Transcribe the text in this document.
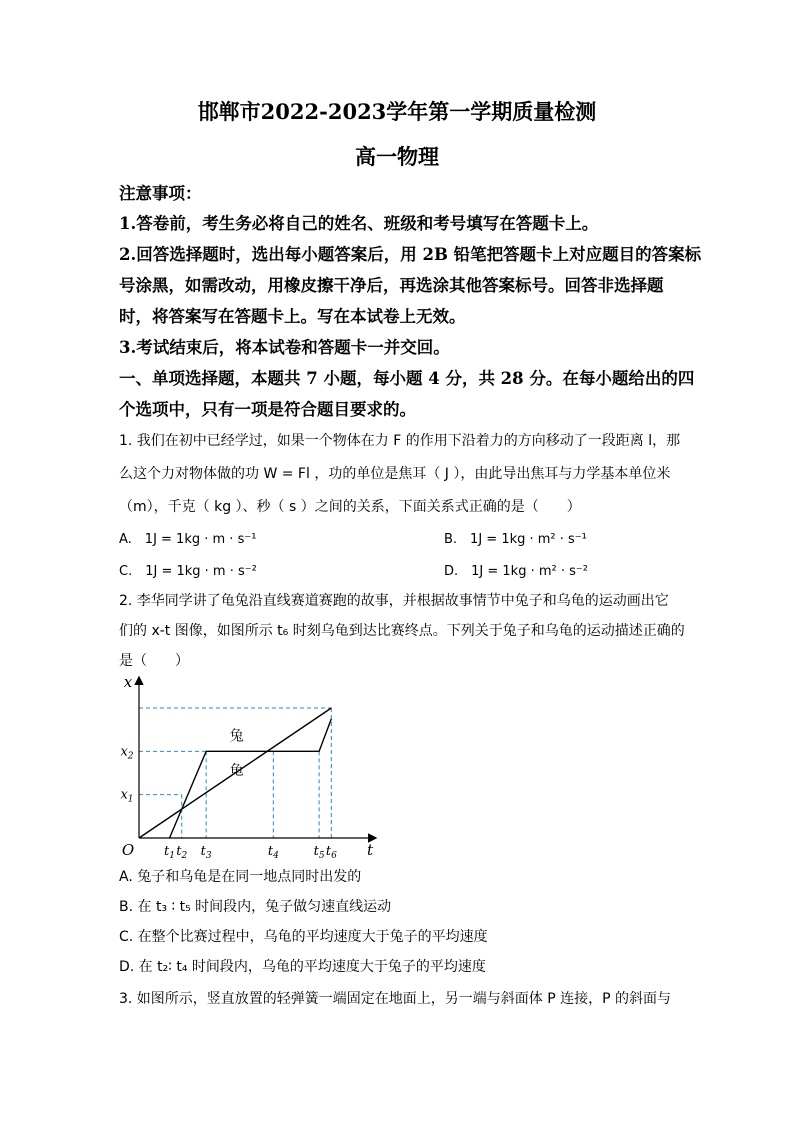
邯郸市2022-2023学年第一学期质量检测
高一物理
注意事项：
1.答卷前，考生务必将自己的姓名、班级和考号填写在答题卡上。
2.回答选择题时，选出每小题答案后，用 2B 铅笔把答题卡上对应题目的答案标
号涂黑，如需改动，用橡皮擦干净后，再选涂其他答案标号。回答非选择题
时，将答案写在答题卡上。写在本试卷上无效。
3.考试结束后，将本试卷和答题卡一并交回。
一、单项选择题，本题共 7 小题，每小题 4 分，共 28 分。在每小题给出的四
个选项中，只有一项是符合题目要求的。
1. 我们在初中已经学过，如果一个物体在力 F 的作用下沿着力的方向移动了一段距离 l，那
么这个力对物体做的功 W = Fl ，功的单位是焦耳（ J ），由此导出焦耳与力学基本单位米
（m），千克（ kg ）、秒（ s ）之间的关系，下面关系式正确的是（　　）
A.　1J = 1kg · m · s⁻¹	B.　1J = 1kg · m² · s⁻¹
C.　1J = 1kg · m · s⁻²	D.　1J = 1kg · m² · s⁻²
2. 李华同学讲了龟兔沿直线赛道赛跑的故事，并根据故事情节中兔子和乌龟的运动画出它
们的 x-t 图像，如图所示 t₆ 时刻乌龟到达比赛终点。下列关于兔子和乌龟的运动描述正确的
是（　　）
$t_1$ $t_2$ $t_3$	$t_4$	$t_5$ $t_6$
$x_1$
$x_2$
O	t
x
兔
龟
A. 兔子和乌龟是在同一地点同时出发的
B. 在 t₃ ∶ t₅ 时间段内，兔子做匀速直线运动
C. 在整个比赛过程中，乌龟的平均速度大于兔子的平均速度
D. 在 t₂∶ t₄ 时间段内，乌龟的平均速度大于兔子的平均速度
3. 如图所示，竖直放置的轻弹簧一端固定在地面上，另一端与斜面体 P 连接，P 的斜面与
